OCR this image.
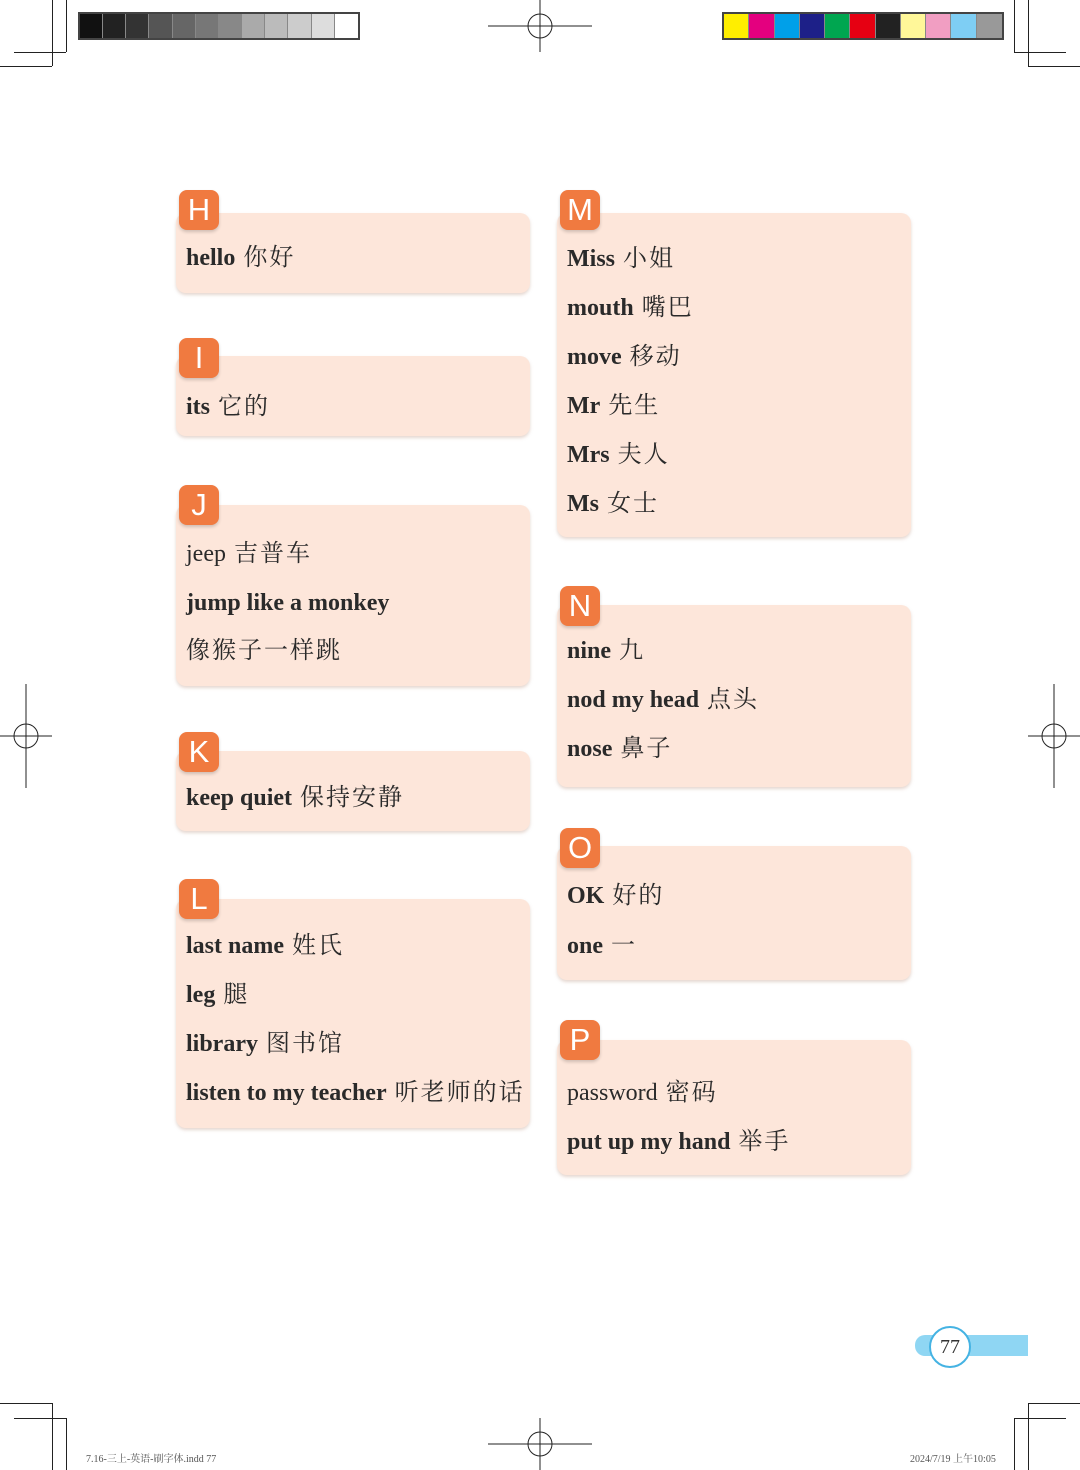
hello 你好
H
its 它的
I
jeep 吉普车
jump like a monkey
像猴子一样跳
J
keep quiet 保持安静
K
last name 姓氏
leg 腿
library 图书馆
listen to my teacher 听老师的话
L
Miss 小姐
mouth 嘴巴
move 移动
Mr 先生
Mrs 夫人
Ms 女士
M
nine 九
nod my head 点头
nose 鼻子
N
OK 好的
one 一
O
password 密码
put up my hand 举手
P
77
7.16-三上-英语-刷字体.indd 77	2024/7/19 上午10:05
